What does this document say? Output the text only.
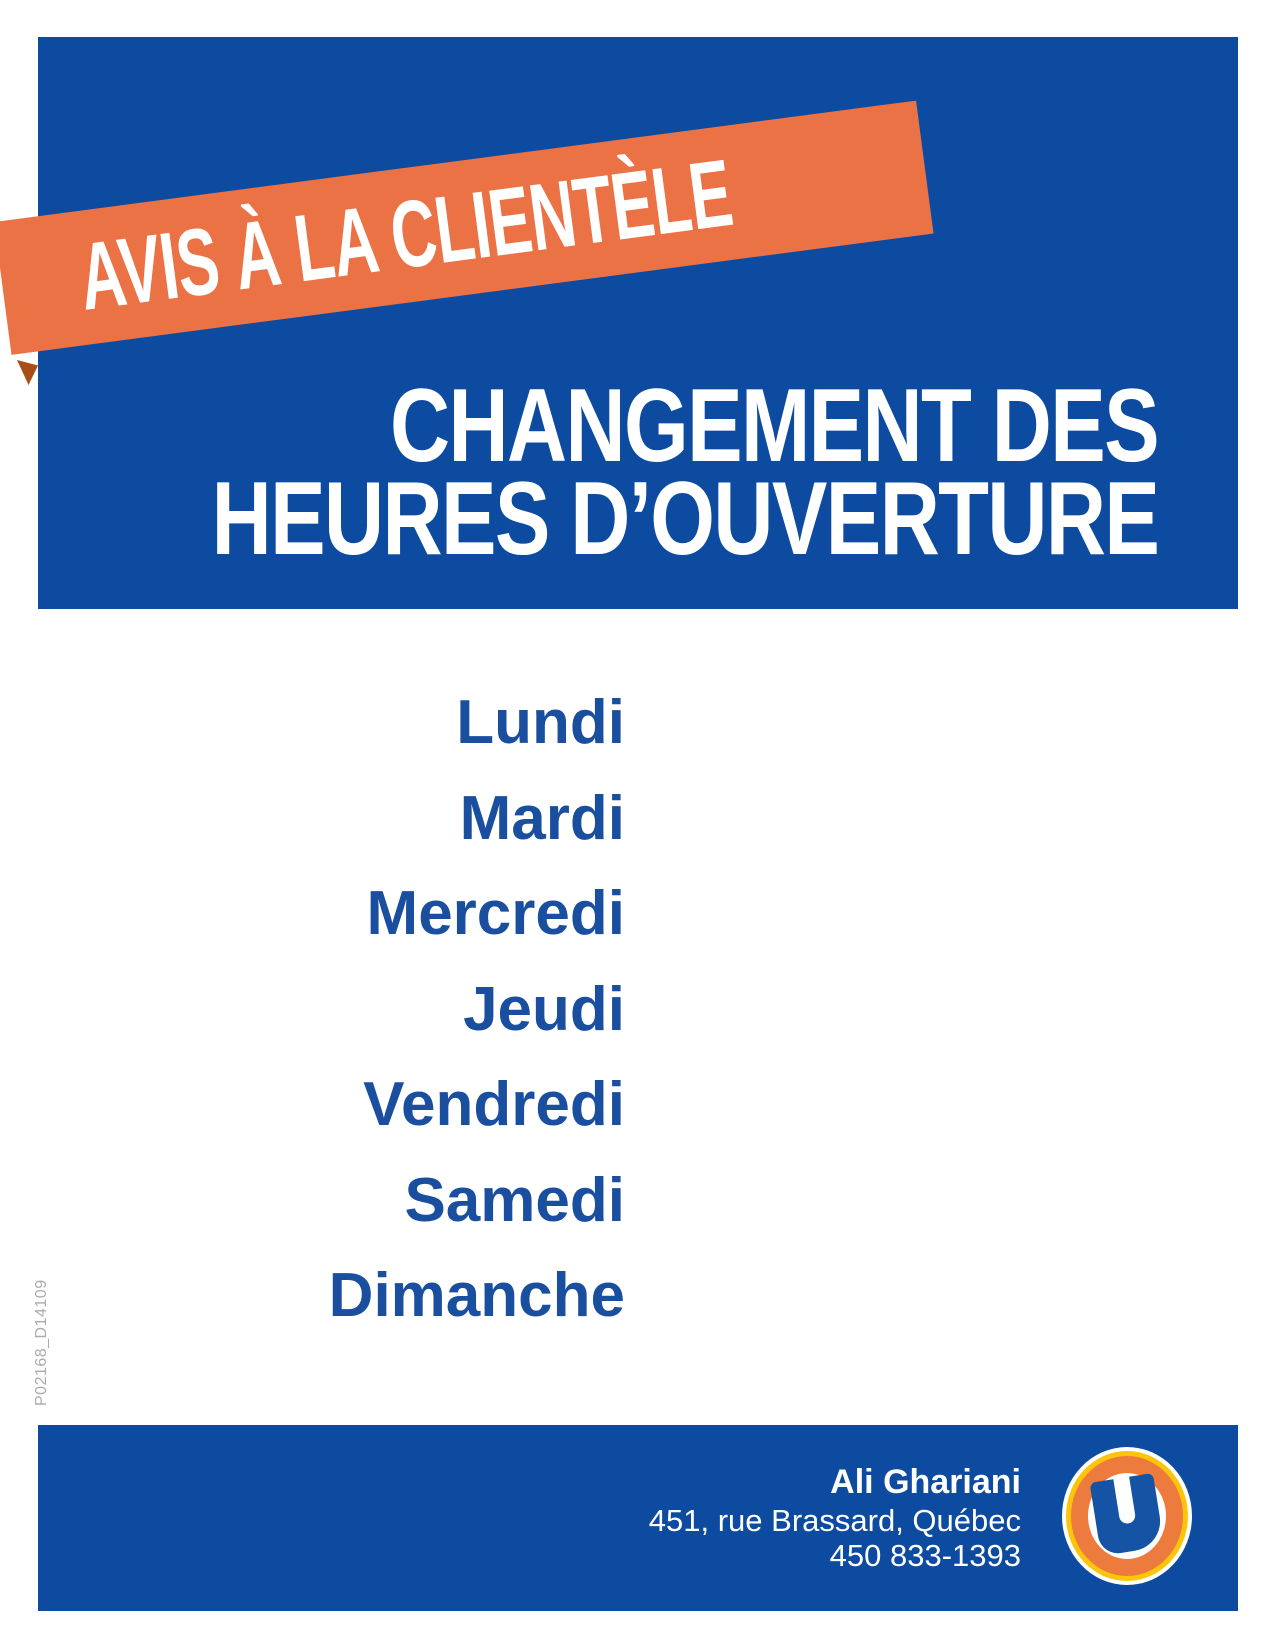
AVIS À LA CLIENTÈLE
CHANGEMENT DES
HEURES D’OUVERTURE
Lundi
Mardi
Mercredi
Jeudi
Vendredi
Samedi
Dimanche
P02168_D14109
Ali Ghariani
451, rue Brassard, Québec
450 833-1393
